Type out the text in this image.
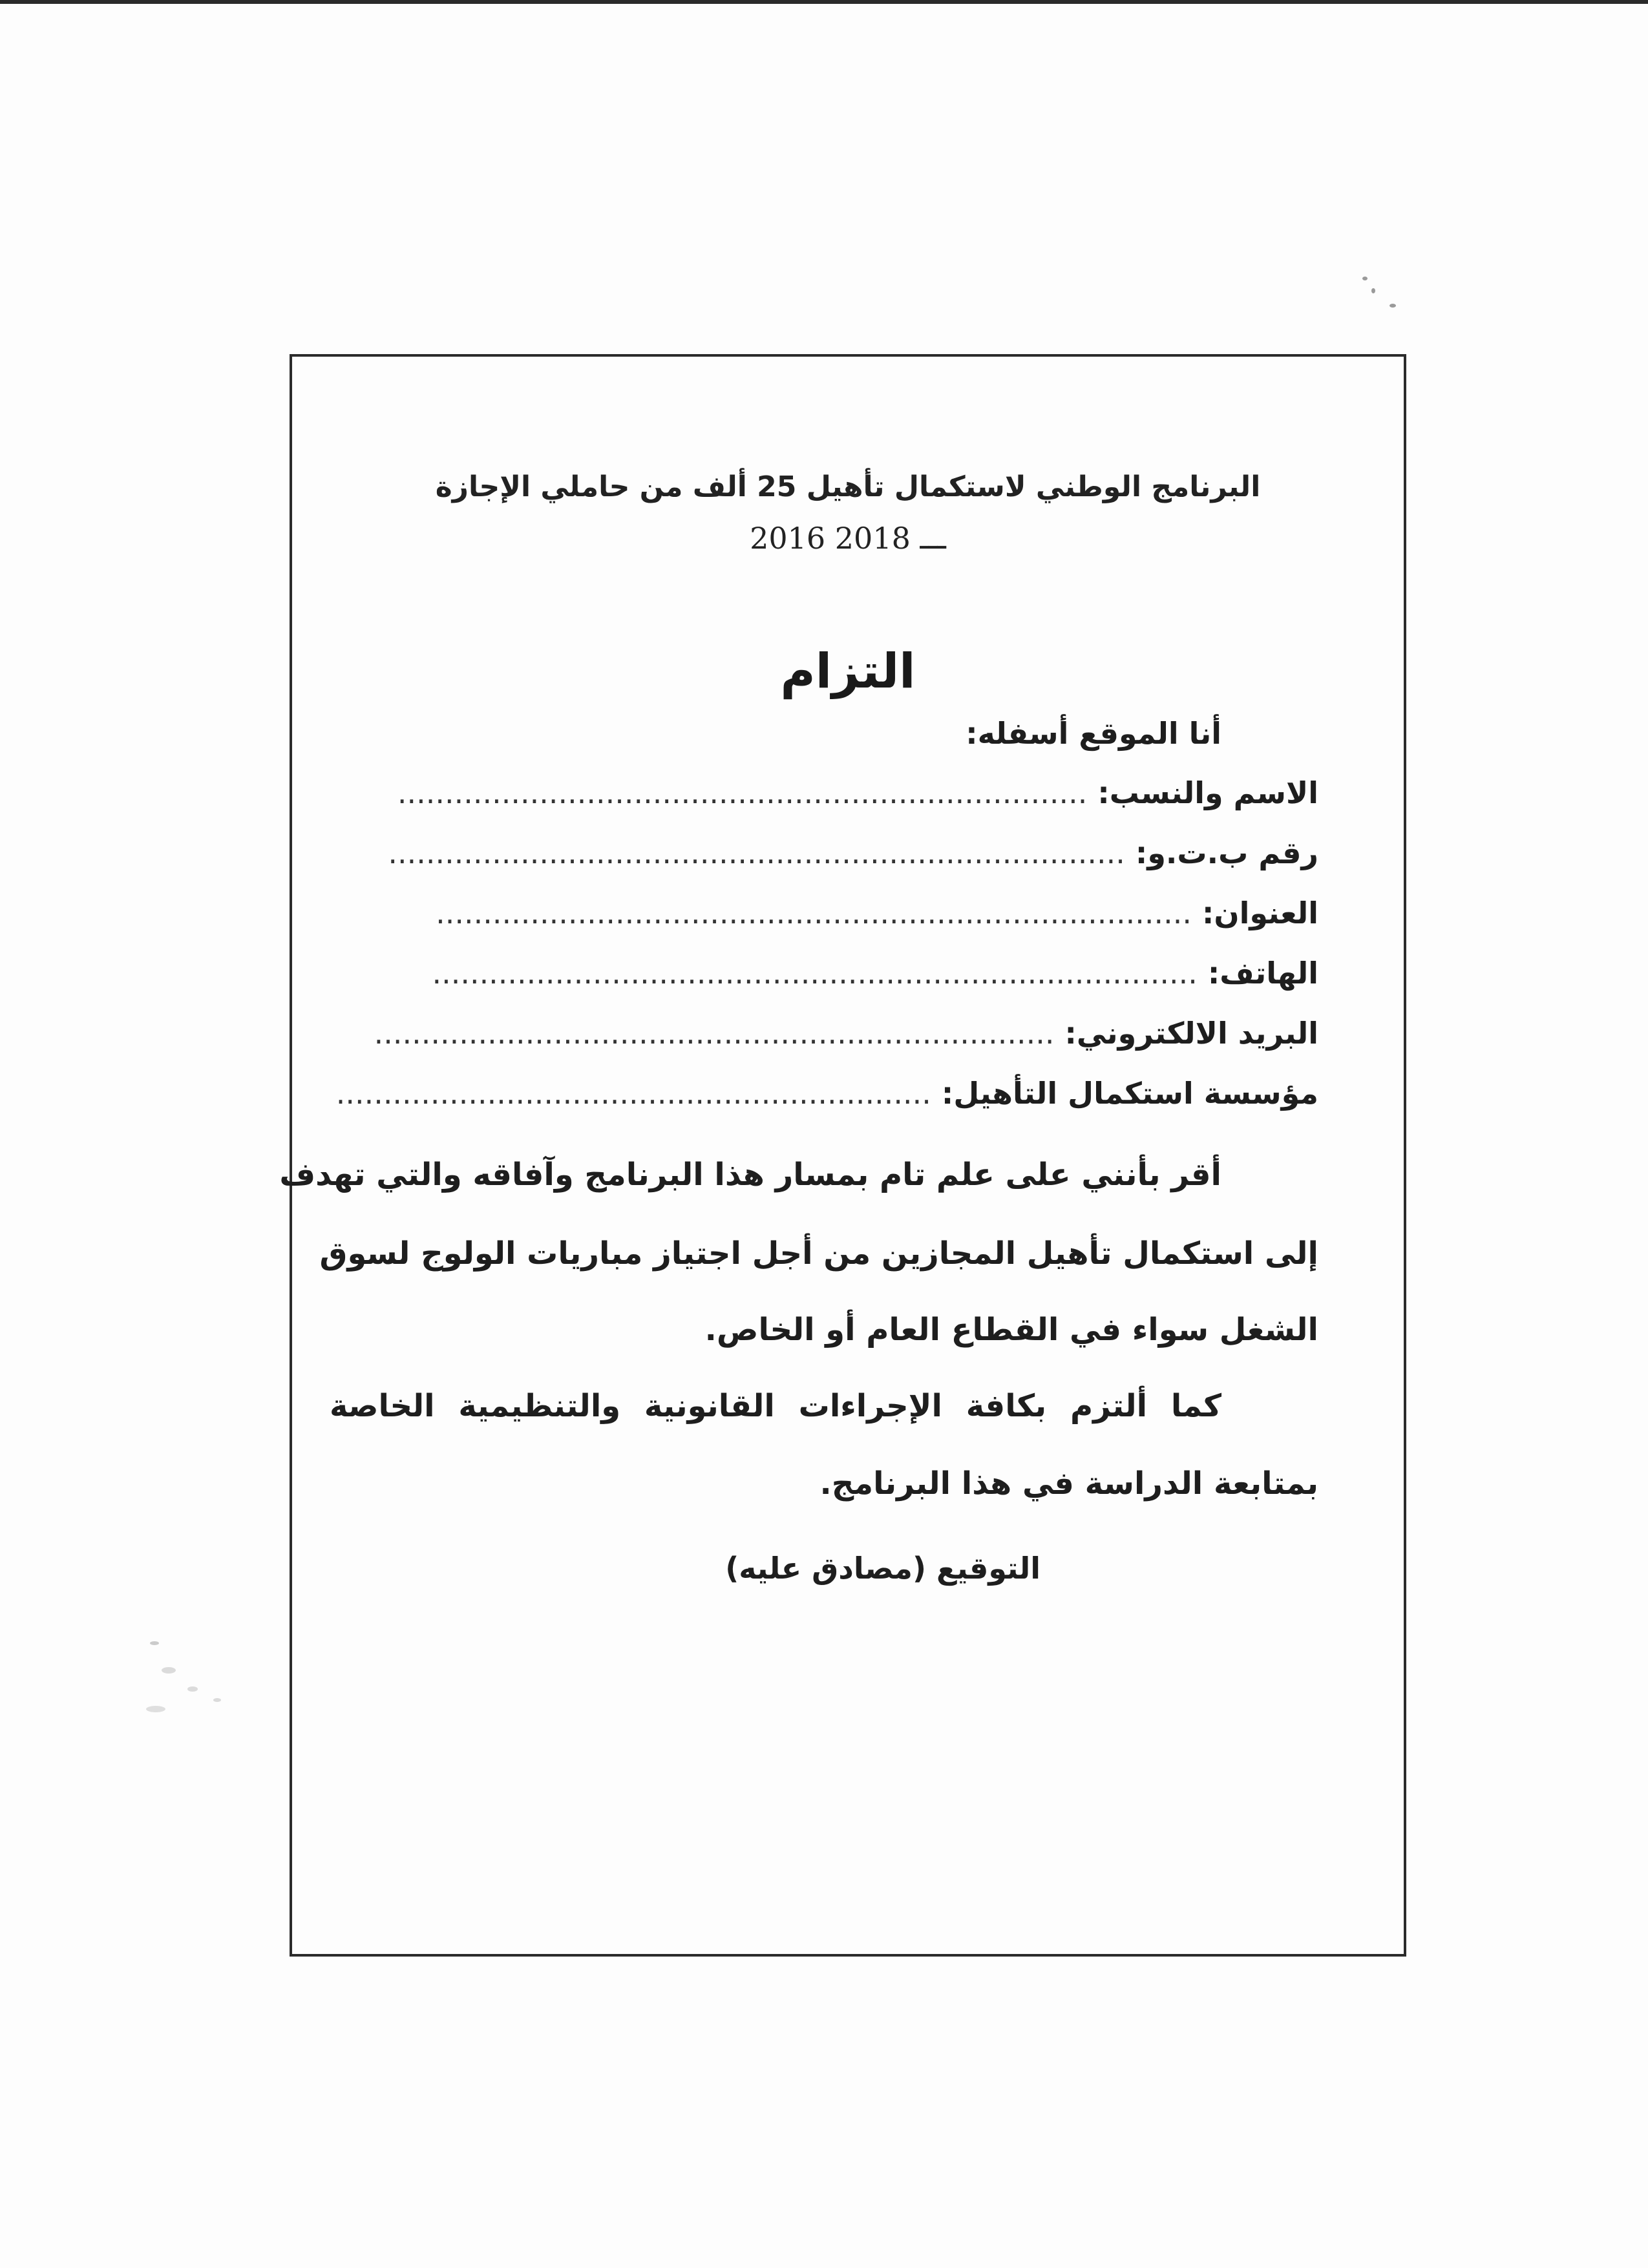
البرنامج الوطني لاستكمال تأهيل 25 ألف من حاملي الإجازة
2016 ـــ 2018
التزام
أنا الموقع أسفله:
الاسم والنسب: .........................................................................
رقم ب.ت.و: ..............................................................................
العنوان: ................................................................................
الهاتف: .................................................................................
البريد الالكتروني: ........................................................................
مؤسسة استكمال التأهيل: ...............................................................
أقر بأنني على علم تام بمسار هذا البرنامج وآفاقه والتي تهدف
إلى استكمال تأهيل المجازين من أجل اجتياز مباريات الولوج لسوق
الشغل سواء في القطاع العام أو الخاص.
كما ألتزم بكافة الإجراءات القانونية والتنظيمية الخاصة
بمتابعة الدراسة في هذا البرنامج.
التوقيع (مصادق عليه)
